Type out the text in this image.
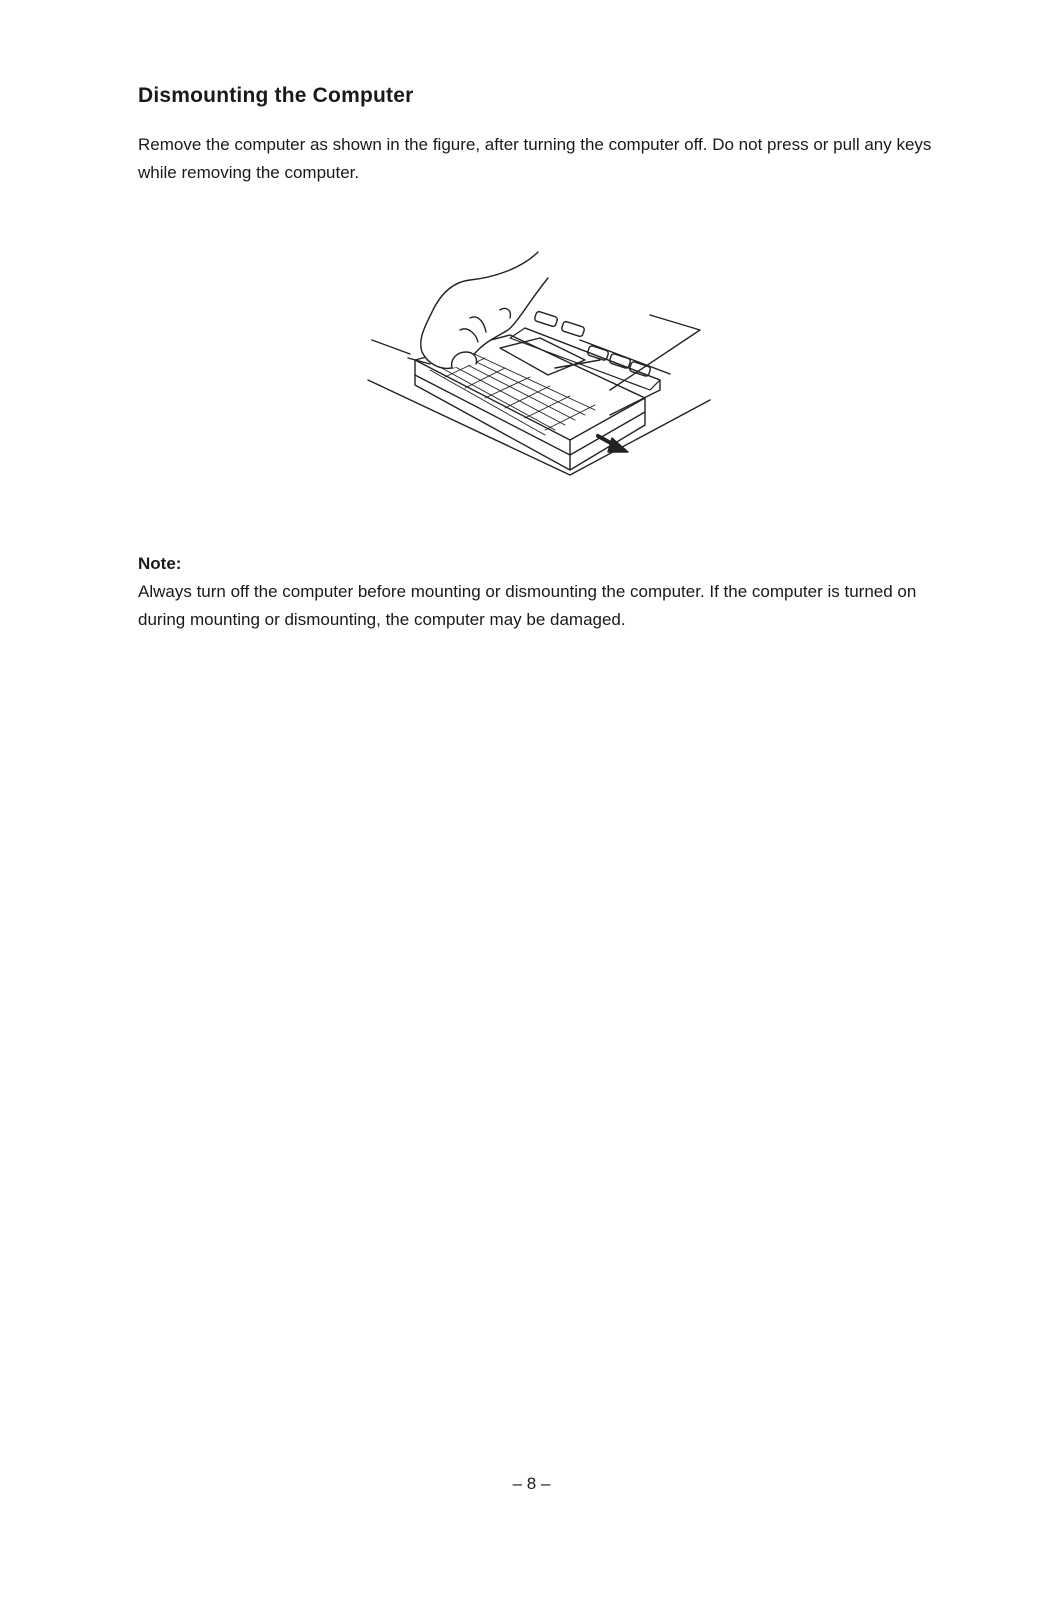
Dismounting the Computer

Remove the computer as shown in the figure, after turning the computer off. Do not press or pull any keys while removing the computer.

Note:

Always turn off the computer before mounting or dismounting the computer. If the computer is turned on during mounting or dismounting, the computer may be damaged.

– 8 –
